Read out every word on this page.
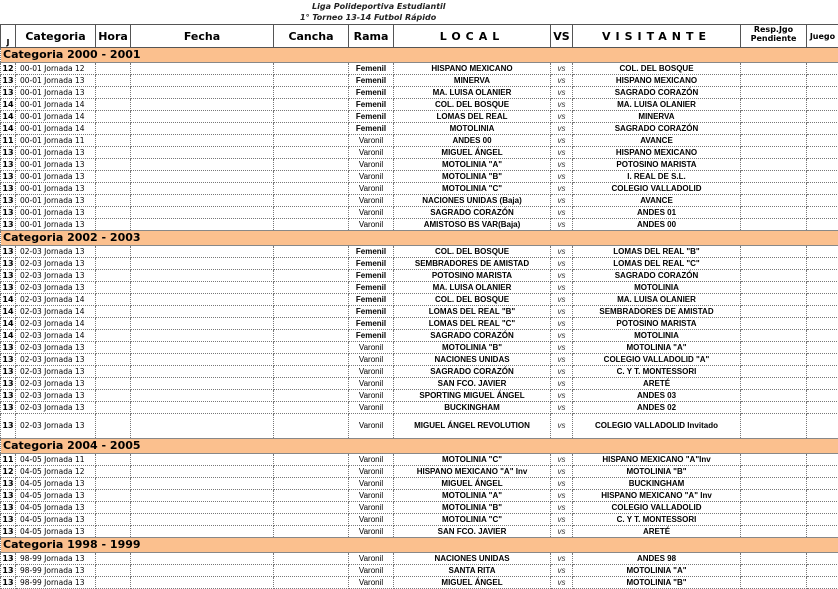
Liga Polideportiva Estudiantil
1° Torneo 13-14 Futbol Rápido
J	Categoria	Hora	Fecha	Cancha	Rama	LOCAL	VS	VISITANTE	Resp.Jgo Pendiente	Juego
Categoria 2000 - 2001										
12	00-01 Jornada 12				Femenil	HISPANO MEXICANO	vs	COL. DEL BOSQUE		
13	00-01 Jornada 13				Femenil	MINERVA	vs	HISPANO MEXICANO		
13	00-01 Jornada 13				Femenil	MA. LUISA OLANIER	vs	SAGRADO CORAZÓN		
14	00-01 Jornada 14				Femenil	COL. DEL BOSQUE	vs	MA. LUISA OLANIER		
14	00-01 Jornada 14				Femenil	LOMAS DEL REAL	vs	MINERVA		
14	00-01 Jornada 14				Femenil	MOTOLINIA	vs	SAGRADO CORAZÓN		
11	00-01 Jornada 11				Varonil	ANDES 00	vs	AVANCE		
13	00-01 Jornada 13				Varonil	MIGUEL ÁNGEL	vs	HISPANO MEXICANO		
13	00-01 Jornada 13				Varonil	MOTOLINIA "A"	vs	POTOSINO MARISTA		
13	00-01 Jornada 13				Varonil	MOTOLINIA "B"	vs	I. REAL DE S.L.		
13	00-01 Jornada 13				Varonil	MOTOLINIA "C"	vs	COLEGIO VALLADOLID		
13	00-01 Jornada 13				Varonil	NACIONES UNIDAS (Baja)	vs	AVANCE		
13	00-01 Jornada 13				Varonil	SAGRADO CORAZÓN	vs	ANDES 01		
13	00-01 Jornada 13				Varonil	AMISTOSO BS VAR(Baja)	vs	ANDES 00		
Categoria 2002 - 2003										
13	02-03 Jornada 13				Femenil	COL. DEL BOSQUE	vs	LOMAS DEL REAL "B"		
13	02-03 Jornada 13				Femenil	SEMBRADORES DE AMISTAD	vs	LOMAS DEL REAL "C"		
13	02-03 Jornada 13				Femenil	POTOSINO MARISTA	vs	SAGRADO CORAZÓN		
13	02-03 Jornada 13				Femenil	MA. LUISA OLANIER	vs	MOTOLINIA		
14	02-03 Jornada 14				Femenil	COL. DEL BOSQUE	vs	MA. LUISA OLANIER		
14	02-03 Jornada 14				Femenil	LOMAS DEL REAL "B"	vs	SEMBRADORES DE AMISTAD		
14	02-03 Jornada 14				Femenil	LOMAS DEL REAL "C"	vs	POTOSINO MARISTA		
14	02-03 Jornada 14				Femenil	SAGRADO CORAZÓN	vs	MOTOLINIA		
13	02-03 Jornada 13				Varonil	MOTOLINIA "B"	vs	MOTOLINIA "A"		
13	02-03 Jornada 13				Varonil	NACIONES UNIDAS	vs	COLEGIO VALLADOLID "A"		
13	02-03 Jornada 13				Varonil	SAGRADO CORAZÓN	vs	C. Y T. MONTESSORI		
13	02-03 Jornada 13				Varonil	SAN FCO. JAVIER	vs	ARETÉ		
13	02-03 Jornada 13				Varonil	SPORTING MIGUEL ÁNGEL	vs	ANDES 03		
13	02-03 Jornada 13				Varonil	BUCKINGHAM	vs	ANDES 02		
13	02-03 Jornada 13				Varonil	MIGUEL ÁNGEL REVOLUTION	vs	COLEGIO VALLADOLID Invitado		
Categoria 2004 - 2005										
11	04-05 Jornada 11				Varonil	MOTOLINIA "C"	vs	HISPANO MEXICANO "A"Inv		
12	04-05 Jornada 12				Varonil	HISPANO MEXICANO "A" Inv	vs	MOTOLINIA "B"		
13	04-05 Jornada 13				Varonil	MIGUEL ÁNGEL	vs	BUCKINGHAM		
13	04-05 Jornada 13				Varonil	MOTOLINIA "A"	vs	HISPANO MEXICANO "A" Inv		
13	04-05 Jornada 13				Varonil	MOTOLINIA "B"	vs	COLEGIO VALLADOLID		
13	04-05 Jornada 13				Varonil	MOTOLINIA "C"	vs	C. Y T. MONTESSORI		
13	04-05 Jornada 13				Varonil	SAN FCO. JAVIER	vs	ARETÉ		
Categoria 1998 - 1999										
13	98-99 Jornada 13				Varonil	NACIONES UNIDAS	vs	ANDES 98		
13	98-99 Jornada 13				Varonil	SANTA RITA	vs	MOTOLINIA "A"		
13	98-99 Jornada 13				Varonil	MIGUEL ÁNGEL	vs	MOTOLINIA "B"		
